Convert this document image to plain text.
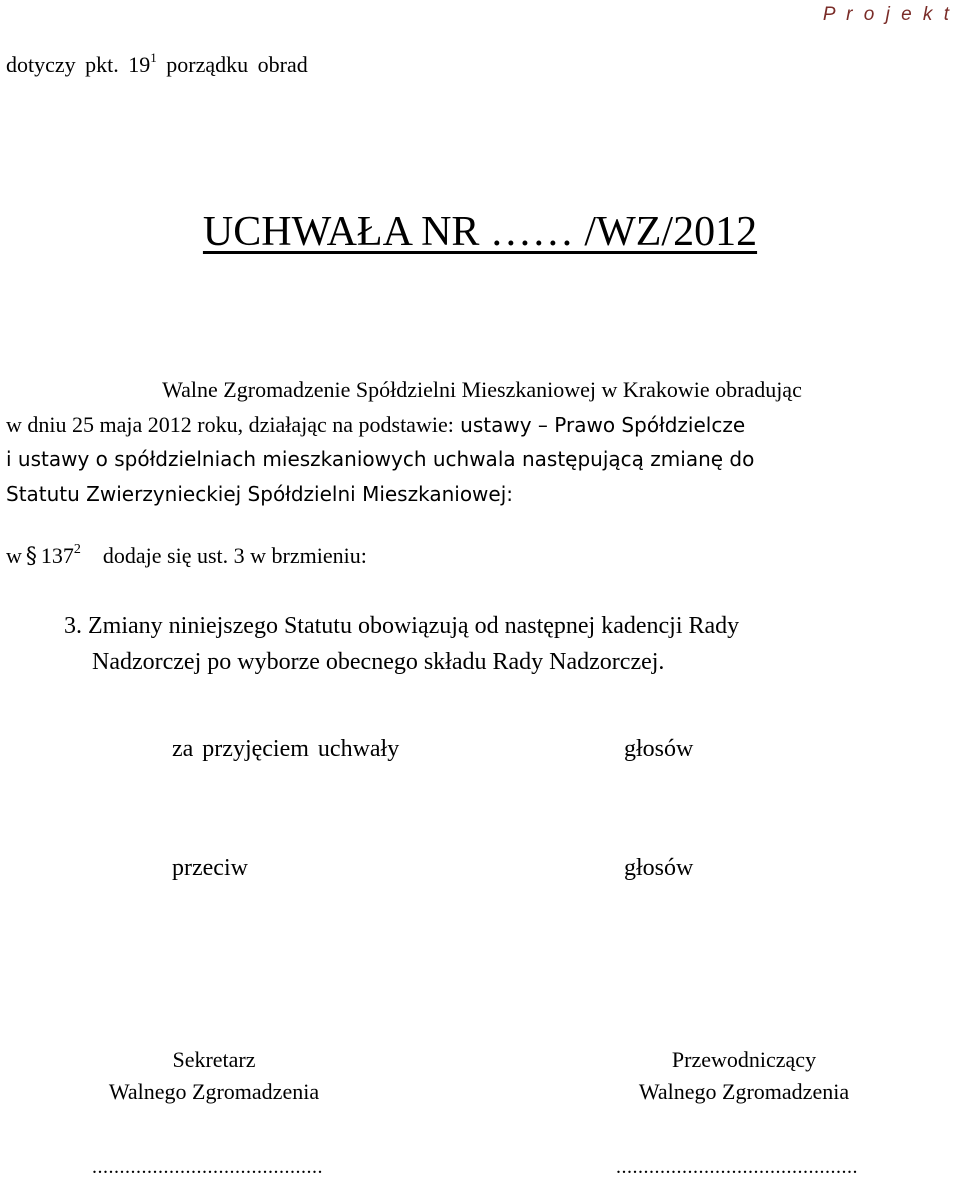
P r o j e k t
dotyczy pkt. $19^1$ porządku obrad
UCHWAŁA NR …… /WZ/2012
Walne Zgromadzenie Spółdzielni Mieszkaniowej w Krakowie obradując
w dniu 25 maja 2012 roku, działając na podstawie: ustawy – Prawo Spółdzielcze
i ustawy o spółdzielniach mieszkaniowych uchwala następującą zmianę do
Statutu Zwierzynieckiej Spółdzielni Mieszkaniowej:
w § $137^2$ dodaje się ust. 3 w brzmieniu:
3. Zmiany niniejszego Statutu obowiązują od następnej kadencji Rady
Nadzorczej po wyborze obecnego składu Rady Nadzorczej.
za przyjęciem uchwały	głosów
przeciw	głosów
Sekretarz
Walnego Zgromadzenia
..........................................
Przewodniczący
Walnego Zgromadzenia
............................................
